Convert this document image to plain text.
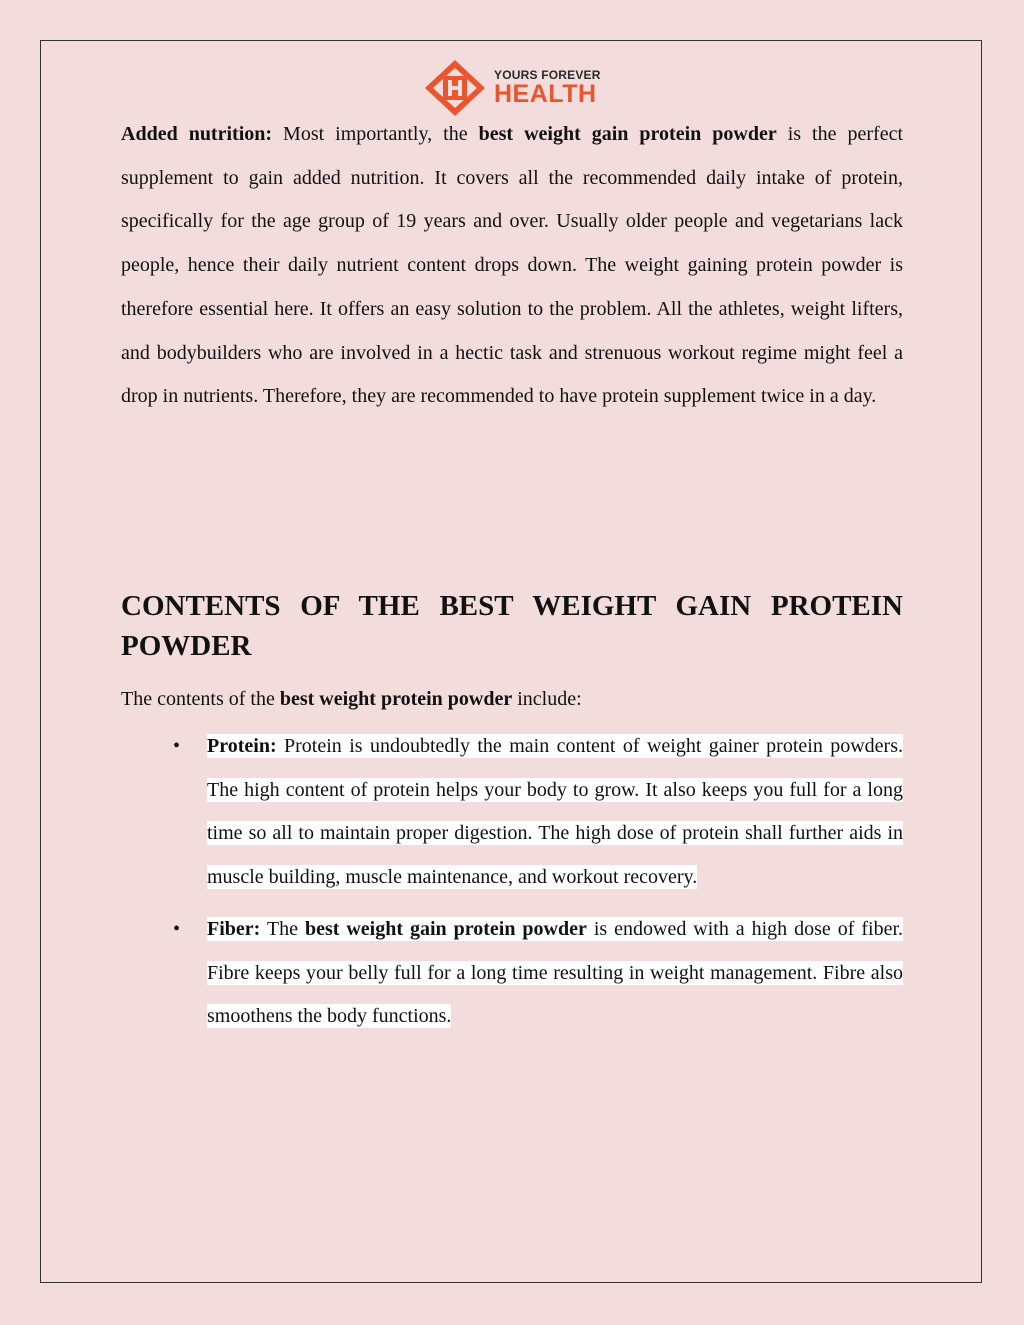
YOURS FOREVER
HEALTH

Added nutrition: Most importantly, the best weight gain protein powder is the perfect supplement to gain added nutrition. It covers all the recommended daily intake of protein, specifically for the age group of 19 years and over. Usually older people and vegetarians lack people, hence their daily nutrient content drops down. The weight gaining protein powder is therefore essential here. It offers an easy solution to the problem. All the athletes, weight lifters, and bodybuilders who are involved in a hectic task and strenuous workout regime might feel a drop in nutrients. Therefore, they are recommended to have protein supplement twice in a day.

CONTENTS OF THE BEST WEIGHT GAIN PROTEIN POWDER

The contents of the best weight protein powder include:

• Protein: Protein is undoubtedly the main content of weight gainer protein powders. The high content of protein helps your body to grow. It also keeps you full for a long time so all to maintain proper digestion. The high dose of protein shall further aids in muscle building, muscle maintenance, and workout recovery.
• Fiber: The best weight gain protein powder is endowed with a high dose of fiber. Fibre keeps your belly full for a long time resulting in weight management. Fibre also smoothens the body functions.
